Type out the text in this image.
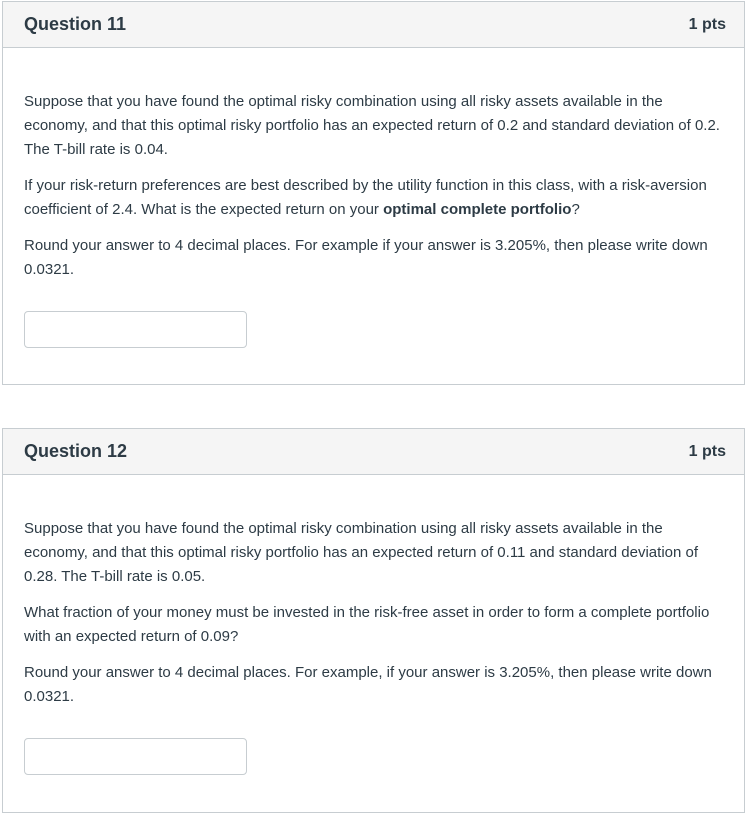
Question 11	1 pts

Suppose that you have found the optimal risky combination using all risky assets available in the economy, and that this optimal risky portfolio has an expected return of 0.2 and standard deviation of 0.2. The T-bill rate is 0.04.

If your risk-return preferences are best described by the utility function in this class, with a risk-aversion coefficient of 2.4. What is the expected return on your optimal complete portfolio?

Round your answer to 4 decimal places. For example if your answer is 3.205%, then please write down 0.0321.

Question 12	1 pts

Suppose that you have found the optimal risky combination using all risky assets available in the economy, and that this optimal risky portfolio has an expected return of 0.11 and standard deviation of 0.28. The T-bill rate is 0.05.

What fraction of your money must be invested in the risk-free asset in order to form a complete portfolio with an expected return of 0.09?

Round your answer to 4 decimal places. For example, if your answer is 3.205%, then please write down 0.0321.
